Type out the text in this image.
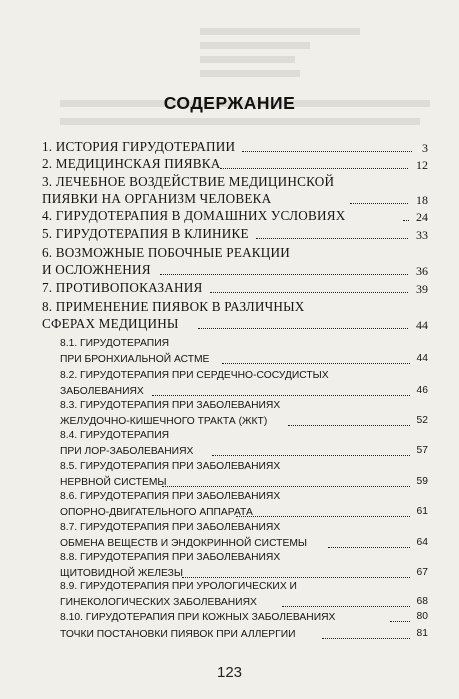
СОДЕРЖАНИЕ
1. ИСТОРИЯ ГИРУДОТЕРАПИИ	3
2. МЕДИЦИНСКАЯ ПИЯВКА	12
3. ЛЕЧЕБНОЕ ВОЗДЕЙСТВИЕ МЕДИЦИНСКОЙ
ПИЯВКИ НА ОРГАНИЗМ ЧЕЛОВЕКА	18
4. ГИРУДОТЕРАПИЯ В ДОМАШНИХ УСЛОВИЯХ	24
5. ГИРУДОТЕРАПИЯ В КЛИНИКЕ	33
6. ВОЗМОЖНЫЕ ПОБОЧНЫЕ РЕАКЦИИ
И ОСЛОЖНЕНИЯ	36
7. ПРОТИВОПОКАЗАНИЯ	39
8. ПРИМЕНЕНИЕ ПИЯВОК В РАЗЛИЧНЫХ
СФЕРАХ МЕДИЦИНЫ	44
8.1. ГИРУДОТЕРАПИЯ
ПРИ БРОНХИАЛЬНОЙ АСТМЕ	44
8.2. ГИРУДОТЕРАПИЯ ПРИ СЕРДЕЧНО-СОСУДИСТЫХ
ЗАБОЛЕВАНИЯХ	46
8.3. ГИРУДОТЕРАПИЯ ПРИ ЗАБОЛЕВАНИЯХ
ЖЕЛУДОЧНО-КИШЕЧНОГО ТРАКТА (ЖКТ)	52
8.4. ГИРУДОТЕРАПИЯ
ПРИ ЛОР-ЗАБОЛЕВАНИЯХ	57
8.5. ГИРУДОТЕРАПИЯ ПРИ ЗАБОЛЕВАНИЯХ
НЕРВНОЙ СИСТЕМЫ	59
8.6. ГИРУДОТЕРАПИЯ ПРИ ЗАБОЛЕВАНИЯХ
ОПОРНО-ДВИГАТЕЛЬНОГО АППАРАТА	61
8.7. ГИРУДОТЕРАПИЯ ПРИ ЗАБОЛЕВАНИЯХ
ОБМЕНА ВЕЩЕСТВ И ЭНДОКРИННОЙ СИСТЕМЫ	64
8.8. ГИРУДОТЕРАПИЯ ПРИ ЗАБОЛЕВАНИЯХ
ЩИТОВИДНОЙ ЖЕЛЕЗЫ	67
8.9. ГИРУДОТЕРАПИЯ ПРИ УРОЛОГИЧЕСКИХ И
ГИНЕКОЛОГИЧЕСКИХ ЗАБОЛЕВАНИЯХ	68
8.10. ГИРУДОТЕРАПИЯ ПРИ КОЖНЫХ ЗАБОЛЕВАНИЯХ	80
ТОЧКИ ПОСТАНОВКИ ПИЯВОК ПРИ АЛЛЕРГИИ	81
123
